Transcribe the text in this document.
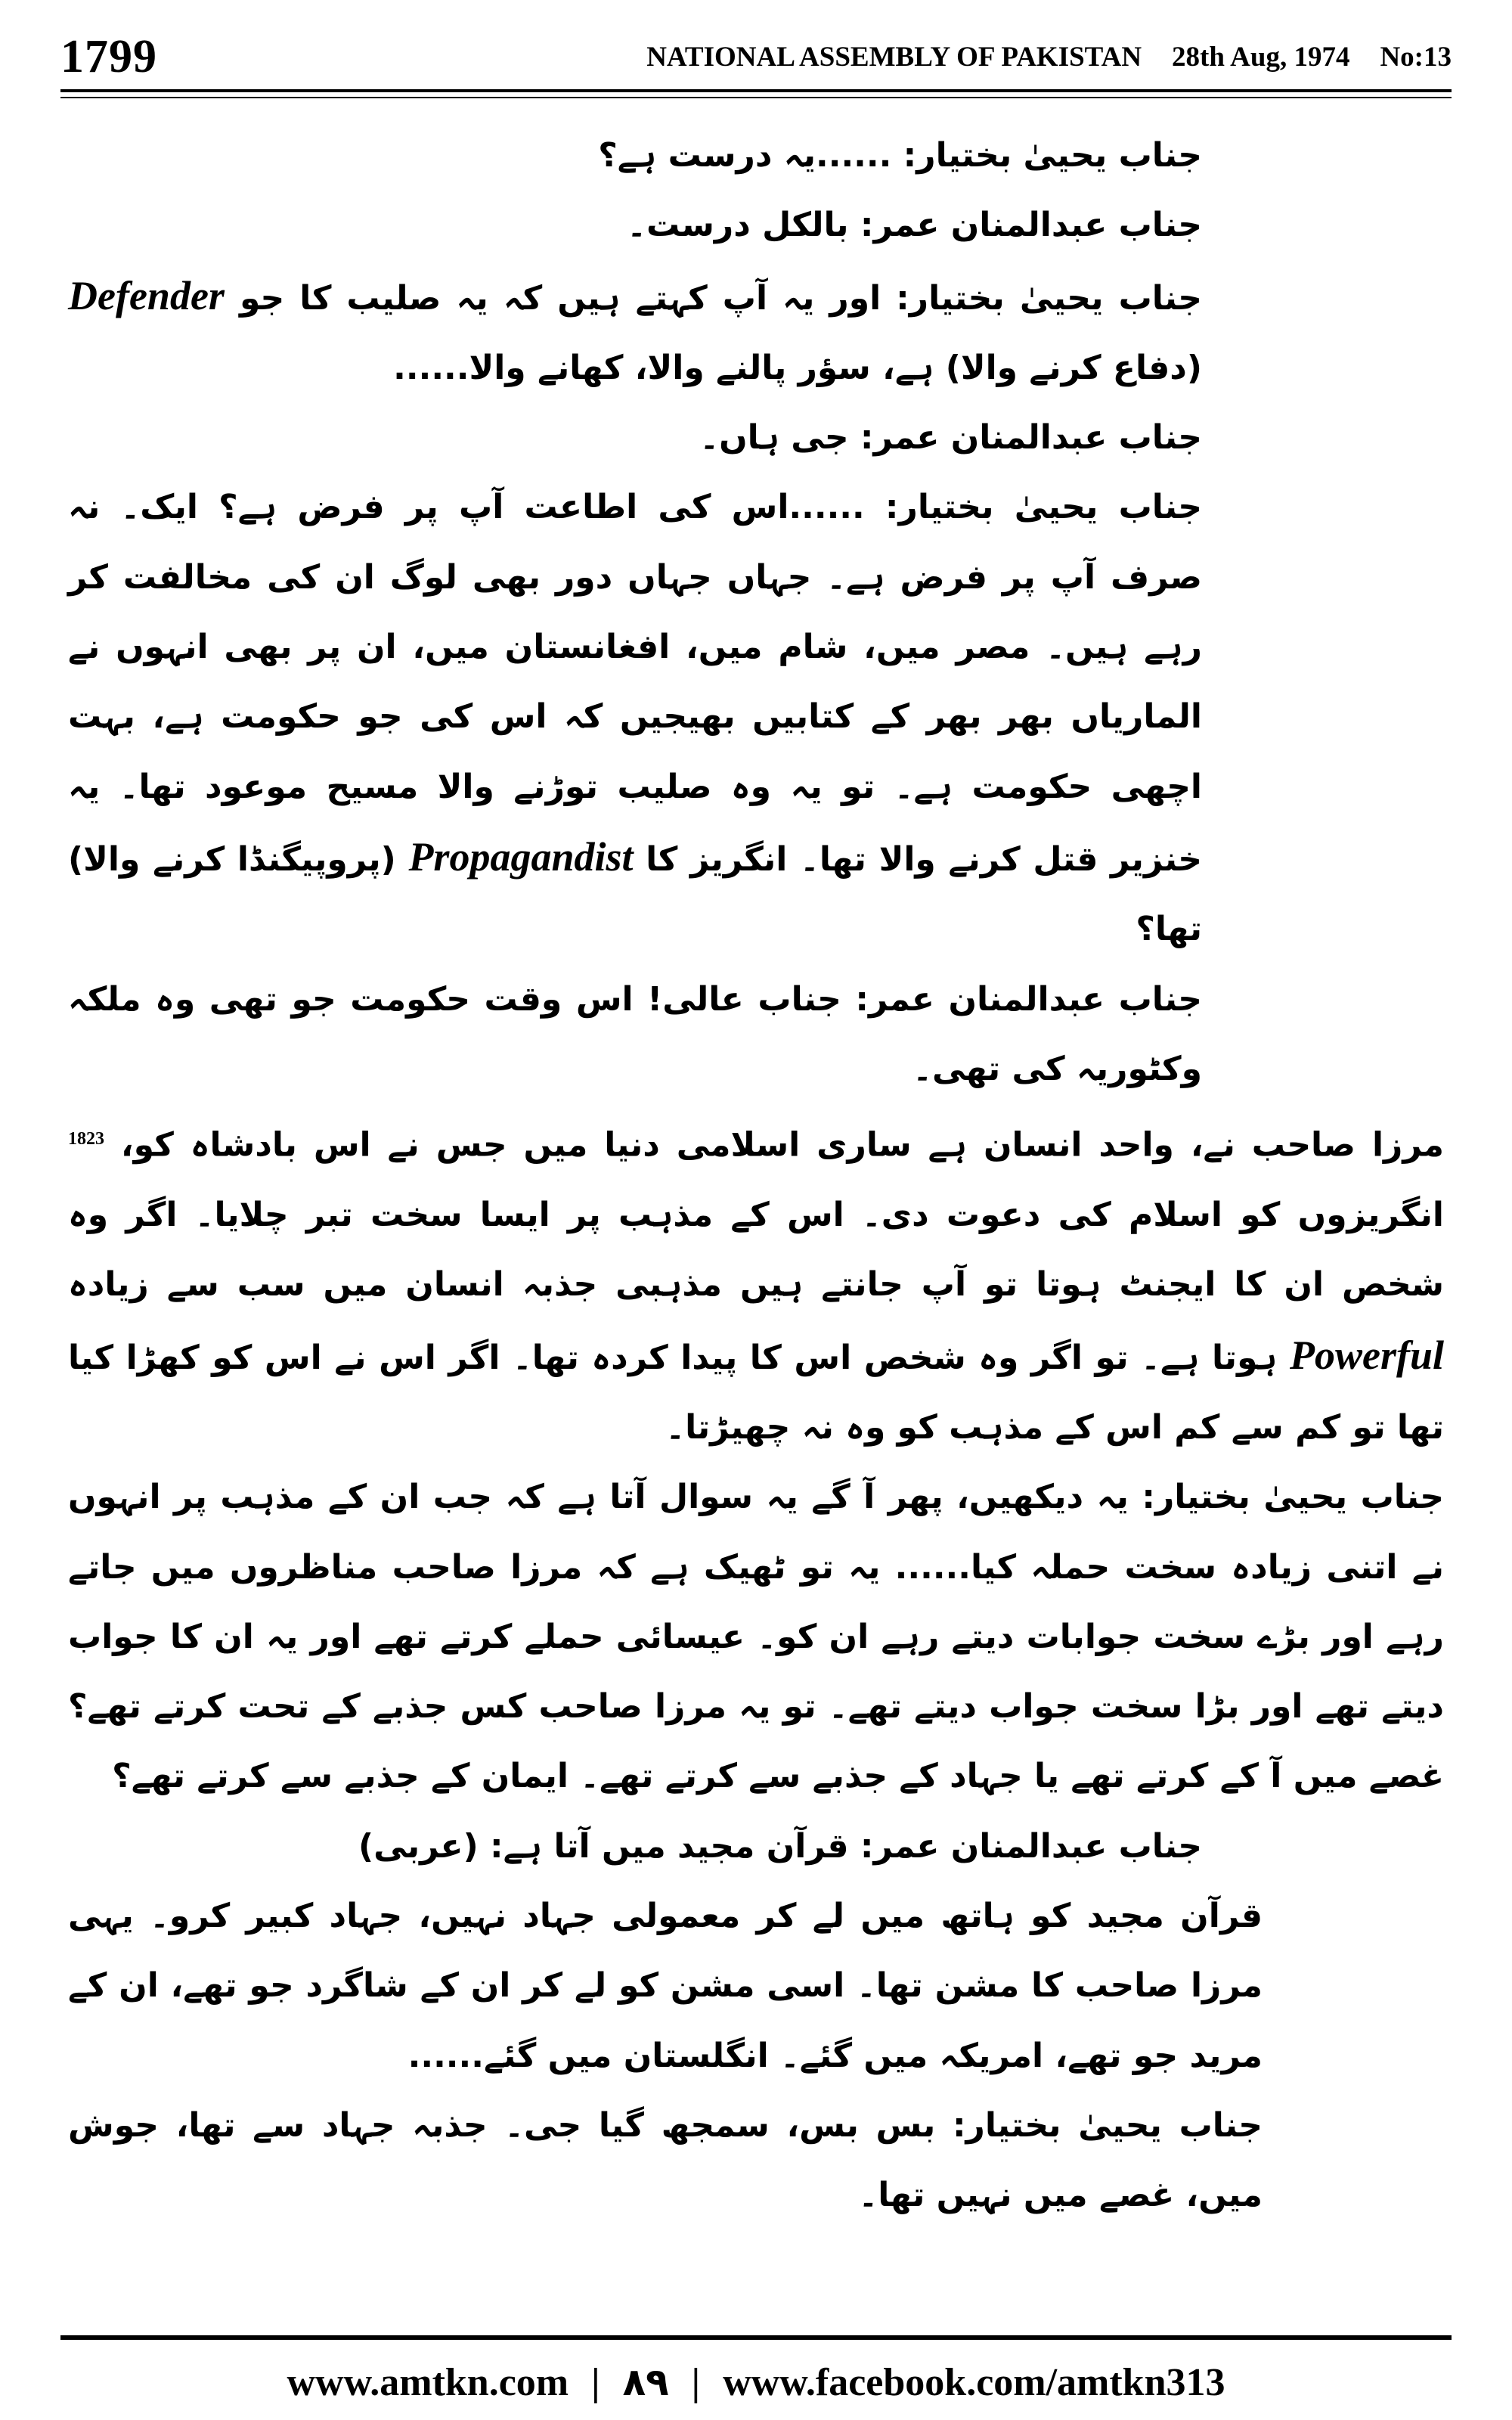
1799	NATIONAL ASSEMBLY OF PAKISTAN 28th Aug, 1974 No:13

جناب یحییٰ بختیار: ......یہ درست ہے؟

جناب عبدالمنان عمر: بالکل درست۔

جناب یحییٰ بختیار: اور یہ آپ کہتے ہیں کہ یہ صلیب کا جو Defender (دفاع کرنے والا) ہے، سؤر پالنے والا، کھانے والا......

جناب عبدالمنان عمر: جی ہاں۔

جناب یحییٰ بختیار: ......اس کی اطاعت آپ پر فرض ہے؟ ایک۔ نہ صرف آپ پر فرض ہے۔ جہاں جہاں دور بھی لوگ ان کی مخالفت کر رہے ہیں۔ مصر میں، شام میں، افغانستان میں، ان پر بھی انہوں نے الماریاں بھر بھر کے کتابیں بھیجیں کہ اس کی جو حکومت ہے، بہت اچھی حکومت ہے۔ تو یہ وہ صلیب توڑنے والا مسیح موعود تھا۔ یہ خنزیر قتل کرنے والا تھا۔ انگریز کا Propagandist (پروپیگنڈا کرنے والا) تھا؟

جناب عبدالمنان عمر: جناب عالی! اس وقت حکومت جو تھی وہ ملکہ وکٹوریہ کی تھی۔

مرزا صاحب نے، واحد انسان ہے ساری اسلامی دنیا میں جس نے اس بادشاہ کو، $^{1823}$ انگریزوں کو اسلام کی دعوت دی۔ اس کے مذہب پر ایسا سخت تبر چلایا۔ اگر وہ شخص ان کا ایجنٹ ہوتا تو آپ جانتے ہیں مذہبی جذبہ انسان میں سب سے زیادہ Powerful ہوتا ہے۔ تو اگر وہ شخص اس کا پیدا کردہ تھا۔ اگر اس نے اس کو کھڑا کیا تھا تو کم سے کم اس کے مذہب کو وہ نہ چھیڑتا۔

جناب یحییٰ بختیار: یہ دیکھیں، پھر آ گے یہ سوال آتا ہے کہ جب ان کے مذہب پر انہوں نے اتنی زیادہ سخت حملہ کیا...... یہ تو ٹھیک ہے کہ مرزا صاحب مناظروں میں جاتے رہے اور بڑے سخت جوابات دیتے رہے ان کو۔ عیسائی حملے کرتے تھے اور یہ ان کا جواب دیتے تھے اور بڑا سخت جواب دیتے تھے۔ تو یہ مرزا صاحب کس جذبے کے تحت کرتے تھے؟ غصے میں آ کے کرتے تھے یا جہاد کے جذبے سے کرتے تھے۔ ایمان کے جذبے سے کرتے تھے؟

جناب عبدالمنان عمر: قرآن مجید میں آتا ہے: (عربی)

قرآن مجید کو ہاتھ میں لے کر معمولی جہاد نہیں، جہاد کبیر کرو۔ یہی مرزا صاحب کا مشن تھا۔ اسی مشن کو لے کر ان کے شاگرد جو تھے، ان کے مرید جو تھے، امریکہ میں گئے۔ انگلستان میں گئے......

جناب یحییٰ بختیار: بس بس، سمجھ گیا جی۔ جذبہ جہاد سے تھا، جوش میں، غصے میں نہیں تھا۔

www.amtkn.com | ۸۹ | www.facebook.com/amtkn313
